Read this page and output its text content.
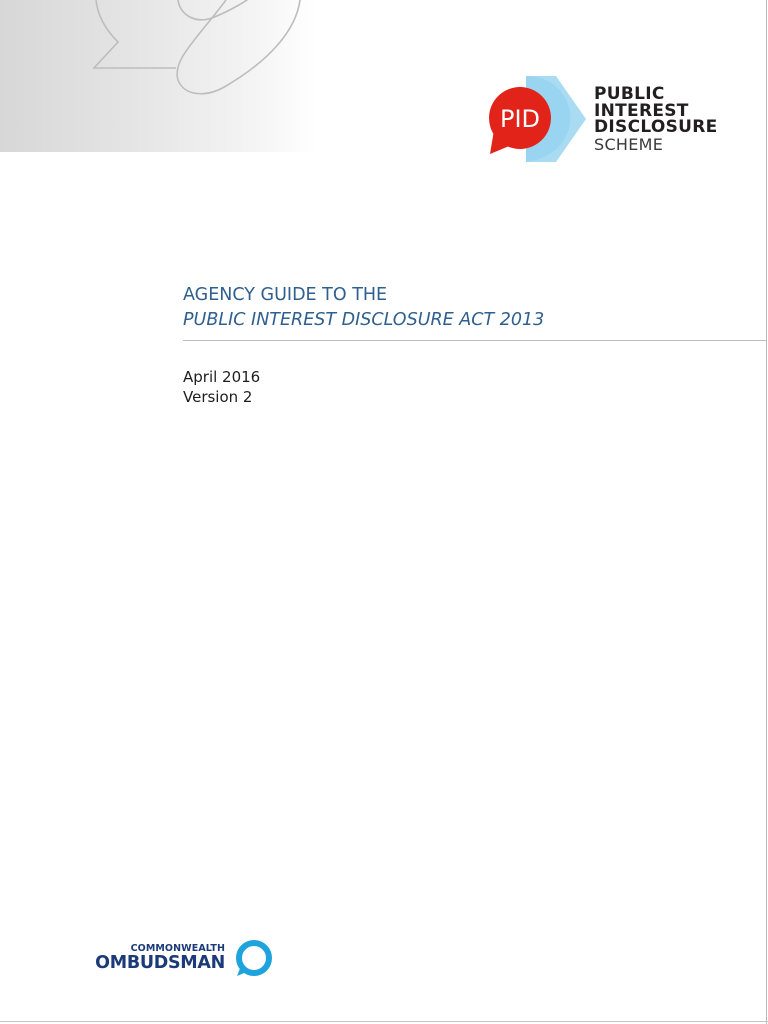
PID
PUBLIC
INTEREST
DISCLOSURE
SCHEME
AGENCY GUIDE TO THE
PUBLIC INTEREST DISCLOSURE ACT 2013
April 2016
Version 2
COMMONWEALTH
OMBUDSMAN
